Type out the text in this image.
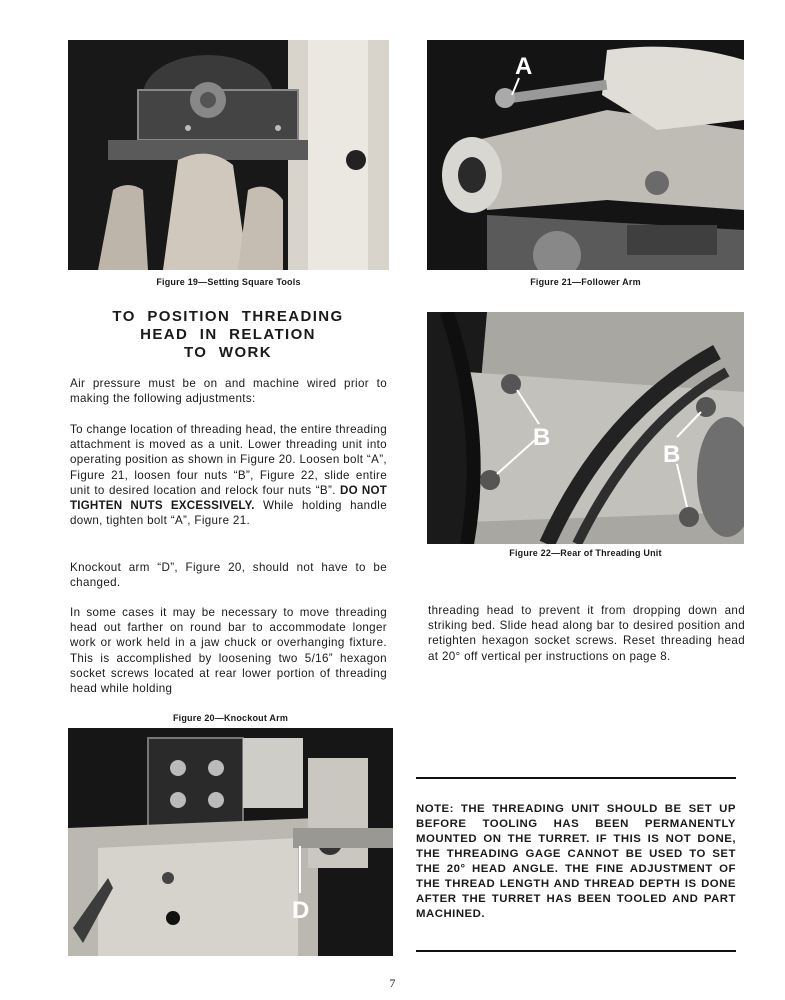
Figure 19—Setting Square Tools
A
Figure 21—Follower Arm
B
B
Figure 22—Rear of Threading Unit
TO POSITION THREADING
HEAD IN RELATION
TO WORK

Air pressure must be on and machine wired prior to making the following adjustments:

To change location of threading head, the entire threading attachment is moved as a unit. Lower threading unit into operating position as shown in Figure 20. Loosen bolt “A”, Figure 21, loosen four nuts “B”, Figure 22, slide entire unit to desired location and relock four nuts “B”. DO NOT TIGHTEN NUTS EXCESSIVELY. While holding handle down, tighten bolt “A”, Figure 21.

Knockout arm “D”, Figure 20, should not have to be changed.

In some cases it may be necessary to move threading head out farther on round bar to accommodate longer work or work held in a jaw chuck or overhanging fixture. This is accomplished by loosening two 5/16” hexagon socket screws located at rear lower portion of threading head while holding

threading head to prevent it from dropping down and striking bed. Slide head along bar to desired position and retighten hexagon socket screws. Reset threading head at 20° off vertical per instructions on page 8.

Figure 20—Knockout Arm
D

NOTE: THE THREADING UNIT SHOULD BE SET UP BEFORE TOOLING HAS BEEN PERMANENTLY MOUNTED ON THE TURRET. IF THIS IS NOT DONE, THE THREADING GAGE CANNOT BE USED TO SET THE 20° HEAD ANGLE. THE FINE ADJUSTMENT OF THE THREAD LENGTH AND THREAD DEPTH IS DONE AFTER THE TURRET HAS BEEN TOOLED AND PART MACHINED.

7
